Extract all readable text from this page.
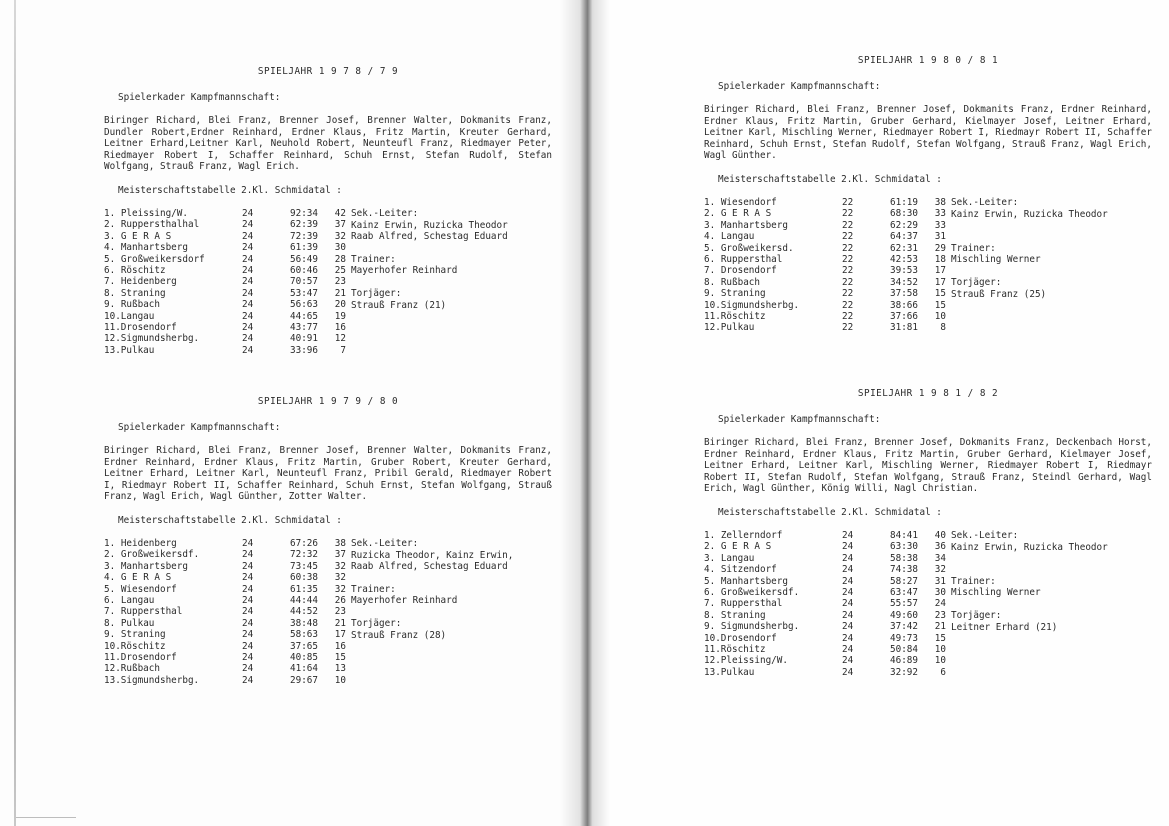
SPIELJAHR 1 9 7 8 / 7 9
Spielerkader Kampfmannschaft:
Biringer Richard, Blei Franz, Brenner Josef, Brenner Walter, Dokmanits Franz, Dundler Robert,Erdner Reinhard, Erdner Klaus, Fritz Martin, Kreuter Gerhard, Leitner Erhard,Leitner Karl, Neuhold Robert, Neunteufl Franz, Riedmayer Peter, Riedmayer Robert I, Schaffer Reinhard, Schuh Ernst, Stefan Rudolf, Stefan Wolfgang, Strauß Franz, Wagl Erich.
Meisterschaftstabelle 2.Kl. Schmidatal :
1. Pleissing/W.	24	92:34	42
2. Ruppersthalhal	24	62:39	37
3. G E R A S	24	72:39	32
4. Manhartsberg	24	61:39	30
5. Großweikersdorf	24	56:49	28
6. Röschitz	24	60:46	25
7. Heidenberg	24	70:57	23
8. Straning	24	53:47	21
9. Rußbach	24	56:63	20
10.Langau	24	44:65	19
11.Drosendorf	24	43:77	16
12.Sigmundsherbg.	24	40:91	12
13.Pulkau	24	33:96	7
Sek.-Leiter:
Kainz Erwin, Ruzicka Theodor
Raab Alfred, Schestag Eduard
Trainer:
Mayerhofer Reinhard
Torjäger:
Strauß Franz (21)
SPIELJAHR 1 9 7 9 / 8 0
Spielerkader Kampfmannschaft:
Biringer Richard, Blei Franz, Brenner Josef, Brenner Walter, Dokmanits Franz, Erdner Reinhard, Erdner Klaus, Fritz Martin, Gruber Robert, Kreuter Gerhard, Leitner Erhard, Leitner Karl, Neunteufl Franz, Pribil Gerald, Riedmayer Robert I, Riedmayr Robert II, Schaffer Reinhard, Schuh Ernst, Stefan Wolfgang, Strauß Franz, Wagl Erich, Wagl Günther, Zotter Walter.
Meisterschaftstabelle 2.Kl. Schmidatal :
1. Heidenberg	24	67:26	38
2. Großweikersdf.	24	72:32	37
3. Manhartsberg	24	73:45	32
4. G E R A S	24	60:38	32
5. Wiesendorf	24	61:35	32
6. Langau	24	44:44	26
7. Ruppersthal	24	44:52	23
8. Pulkau	24	38:48	21
9. Straning	24	58:63	17
10.Röschitz	24	37:65	16
11.Drosendorf	24	40:85	15
12.Rußbach	24	41:64	13
13.Sigmundsherbg.	24	29:67	10
Sek.-Leiter:
Ruzicka Theodor, Kainz Erwin,
Raab Alfred, Schestag Eduard
Trainer:
Mayerhofer Reinhard
Torjäger:
Strauß Franz (28)
SPIELJAHR 1 9 8 0 / 8 1
Spielerkader Kampfmannschaft:
Biringer Richard, Blei Franz, Brenner Josef, Dokmanits Franz, Erdner Reinhard, Erdner Klaus, Fritz Martin, Gruber Gerhard, Kielmayer Josef, Leitner Erhard, Leitner Karl, Mischling Werner, Riedmayer Robert I, Riedmayr Robert II, Schaffer Reinhard, Schuh Ernst, Stefan Rudolf, Stefan Wolfgang, Strauß Franz, Wagl Erich, Wagl Günther.
Meisterschaftstabelle 2.Kl. Schmidatal :
1. Wiesendorf	22	61:19	38
2. G E R A S	22	68:30	33
3. Manhartsberg	22	62:29	33
4. Langau	22	64:37	31
5. Großweikersd.	22	62:31	29
6. Ruppersthal	22	42:53	18
7. Drosendorf	22	39:53	17
8. Rußbach	22	34:52	17
9. Straning	22	37:58	15
10.Sigmundsherbg.	22	38:66	15
11.Röschitz	22	37:66	10
12.Pulkau	22	31:81	8
Sek.-Leiter:
Kainz Erwin, Ruzicka Theodor
Trainer:
Mischling Werner
Torjäger:
Strauß Franz (25)
SPIELJAHR 1 9 8 1 / 8 2
Spielerkader Kampfmannschaft:
Biringer Richard, Blei Franz, Brenner Josef, Dokmanits Franz, Deckenbach Horst, Erdner Reinhard, Erdner Klaus, Fritz Martin, Gruber Gerhard, Kielmayer Josef, Leitner Erhard, Leitner Karl, Mischling Werner, Riedmayer Robert I, Riedmayr Robert II, Stefan Rudolf, Stefan Wolfgang, Strauß Franz, Steindl Gerhard, Wagl Erich, Wagl Günther, König Willi, Nagl Christian.
Meisterschaftstabelle 2.Kl. Schmidatal :
1. Zellerndorf	24	84:41	40
2. G E R A S	24	63:30	36
3. Langau	24	58:38	34
4. Sitzendorf	24	74:38	32
5. Manhartsberg	24	58:27	31
6. Großweikersdf.	24	63:47	30
7. Ruppersthal	24	55:57	24
8. Straning	24	49:60	23
9. Sigmundsherbg.	24	37:42	21
10.Drosendorf	24	49:73	15
11.Röschitz	24	50:84	10
12.Pleissing/W.	24	46:89	10
13.Pulkau	24	32:92	6
Sek.-Leiter:
Kainz Erwin, Ruzicka Theodor
Trainer:
Mischling Werner
Torjäger:
Leitner Erhard (21)
